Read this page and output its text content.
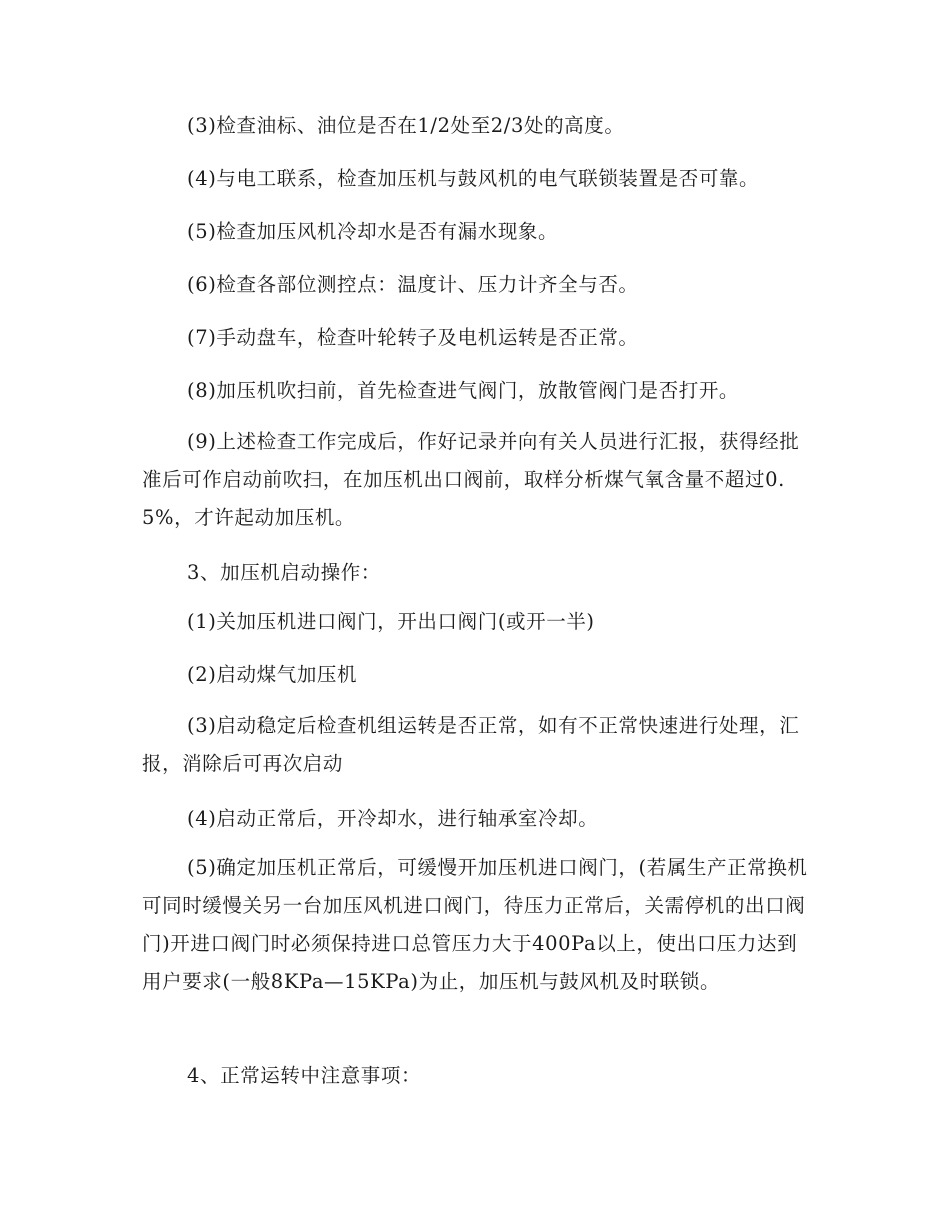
(3)检查油标、油位是否在1/2处至2/3处的高度。

(4)与电工联系，检查加压机与鼓风机的电气联锁装置是否可靠。

(5)检查加压风机冷却水是否有漏水现象。

(6)检查各部位测控点：温度计、压力计齐全与否。

(7)手动盘车，检查叶轮转子及电机运转是否正常。

(8)加压机吹扫前，首先检查进气阀门，放散管阀门是否打开。

(9)上述检查工作完成后，作好记录并向有关人员进行汇报，获得经批准后可作启动前吹扫，在加压机出口阀前，取样分析煤气氧含量不超过0.5%，才许起动加压机。

3、加压机启动操作：

(1)关加压机进口阀门，开出口阀门(或开一半)

(2)启动煤气加压机

(3)启动稳定后检查机组运转是否正常，如有不正常快速进行处理，汇报，消除后可再次启动

(4)启动正常后，开冷却水，进行轴承室冷却。

(5)确定加压机正常后，可缓慢开加压机进口阀门，(若属生产正常换机可同时缓慢关另一台加压风机进口阀门，待压力正常后，关需停机的出口阀门)开进口阀门时必须保持进口总管压力大于400Pa以上，使出口压力达到用户要求(一般8KPa—15KPa)为止，加压机与鼓风机及时联锁。

4、正常运转中注意事项：
